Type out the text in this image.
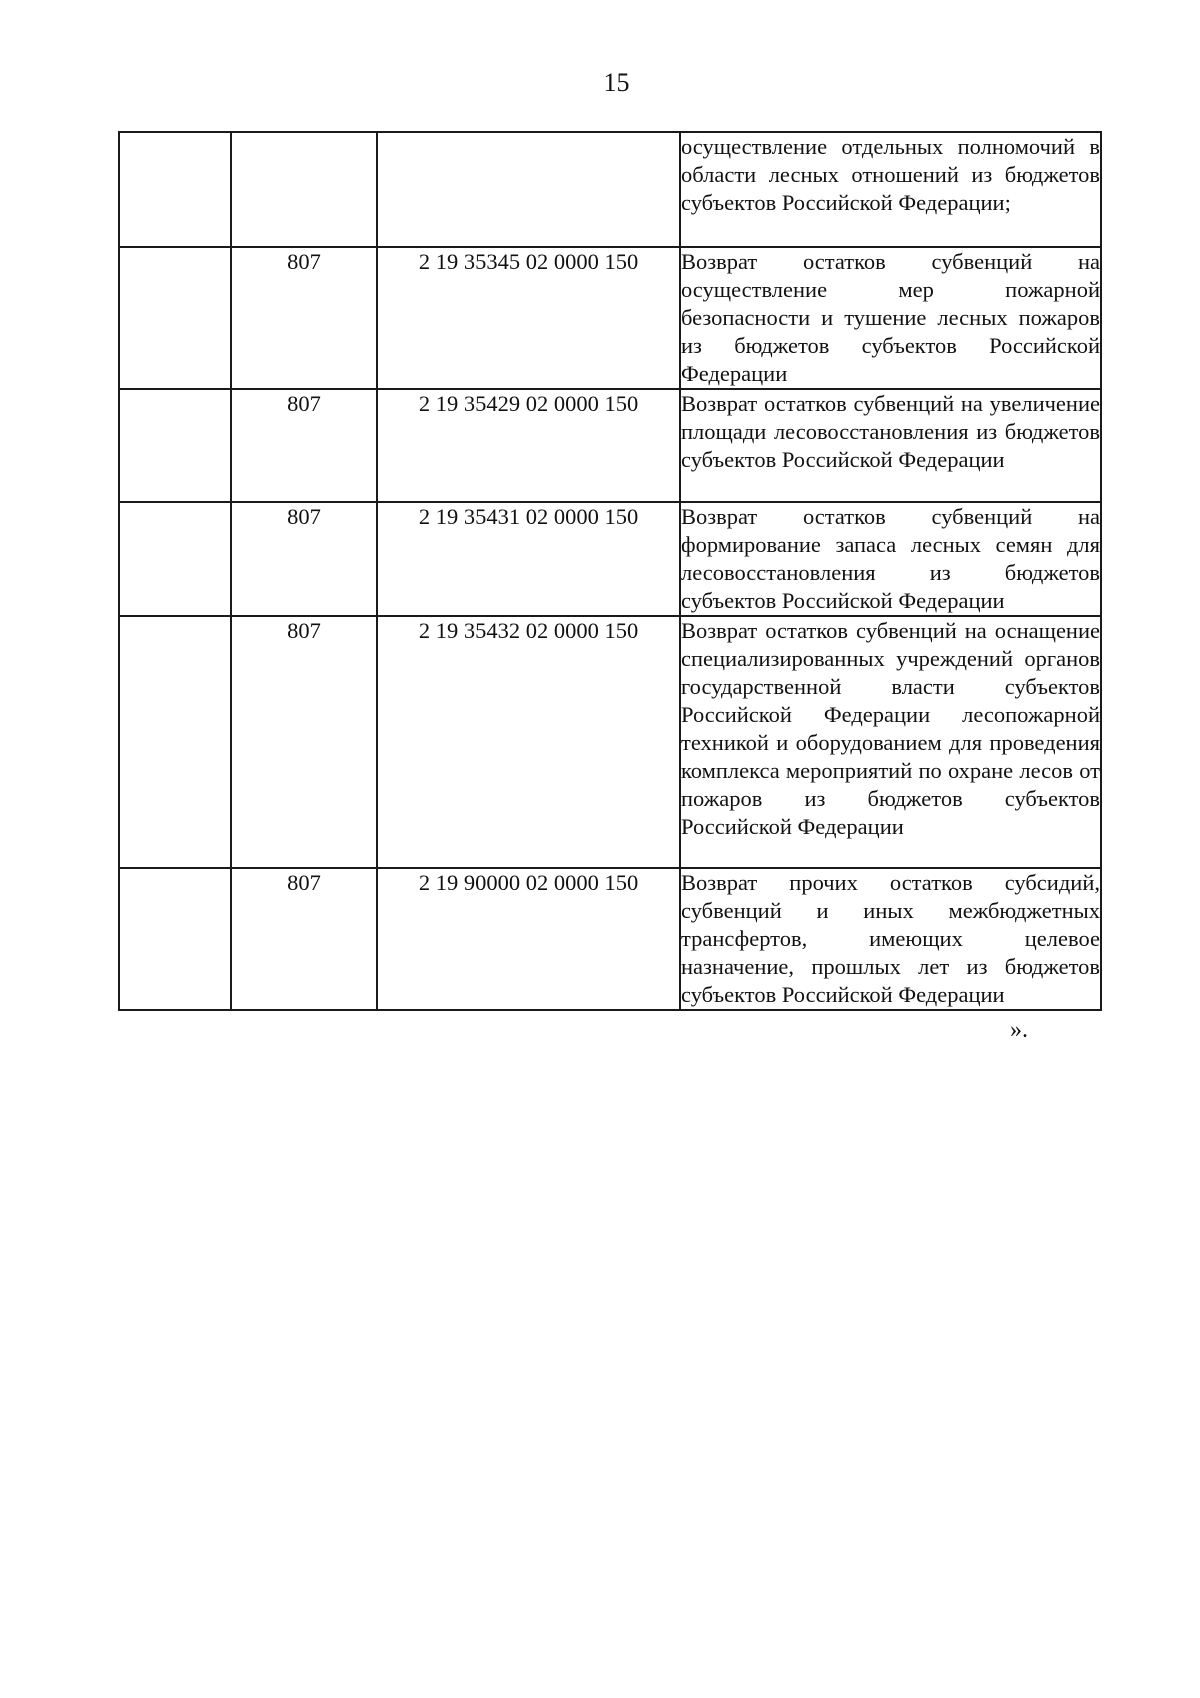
15
			осуществление отдельных полномочий в области лесных отношений из бюджетов субъектов Российской Федерации;
	807	2 19 35345 02 0000 150	Возврат остатков субвенций на осуществление мер пожарной безопасности и тушение лесных пожаров из бюджетов субъектов Российской Федерации
	807	2 19 35429 02 0000 150	Возврат остатков субвенций на увеличение площади лесовосстановления из бюджетов субъектов Российской Федерации
	807	2 19 35431 02 0000 150	Возврат остатков субвенций на формирование запаса лесных семян для лесовосстановления из бюджетов субъектов Российской Федерации
	807	2 19 35432 02 0000 150	Возврат остатков субвенций на оснащение специализированных учреждений органов государственной власти субъектов Российской Федерации лесопожарной техникой и оборудованием для проведения комплекса мероприятий по охране лесов от пожаров из бюджетов субъектов Российской Федерации
	807	2 19 90000 02 0000 150	Возврат прочих остатков субсидий, субвенций и иных межбюджетных трансфертов, имеющих целевое назначение, прошлых лет из бюджетов субъектов Российской Федерации
».
